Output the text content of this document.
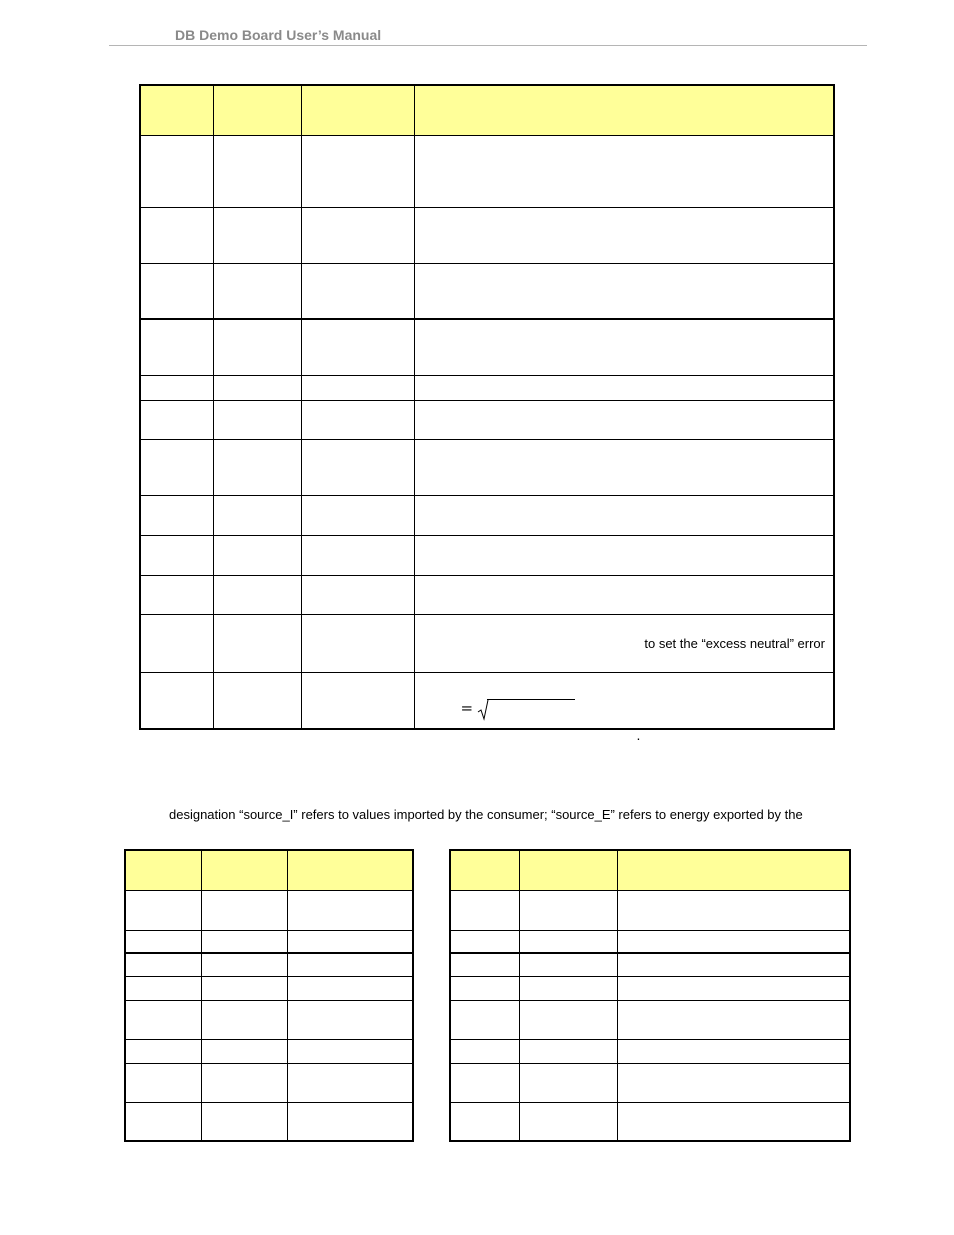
DB Demo Board User’s Manual

			to set the “excess neutral” error

			=
.
designation “source_I” refers to values imported by the consumer; “source_E” refers to energy exported by the
